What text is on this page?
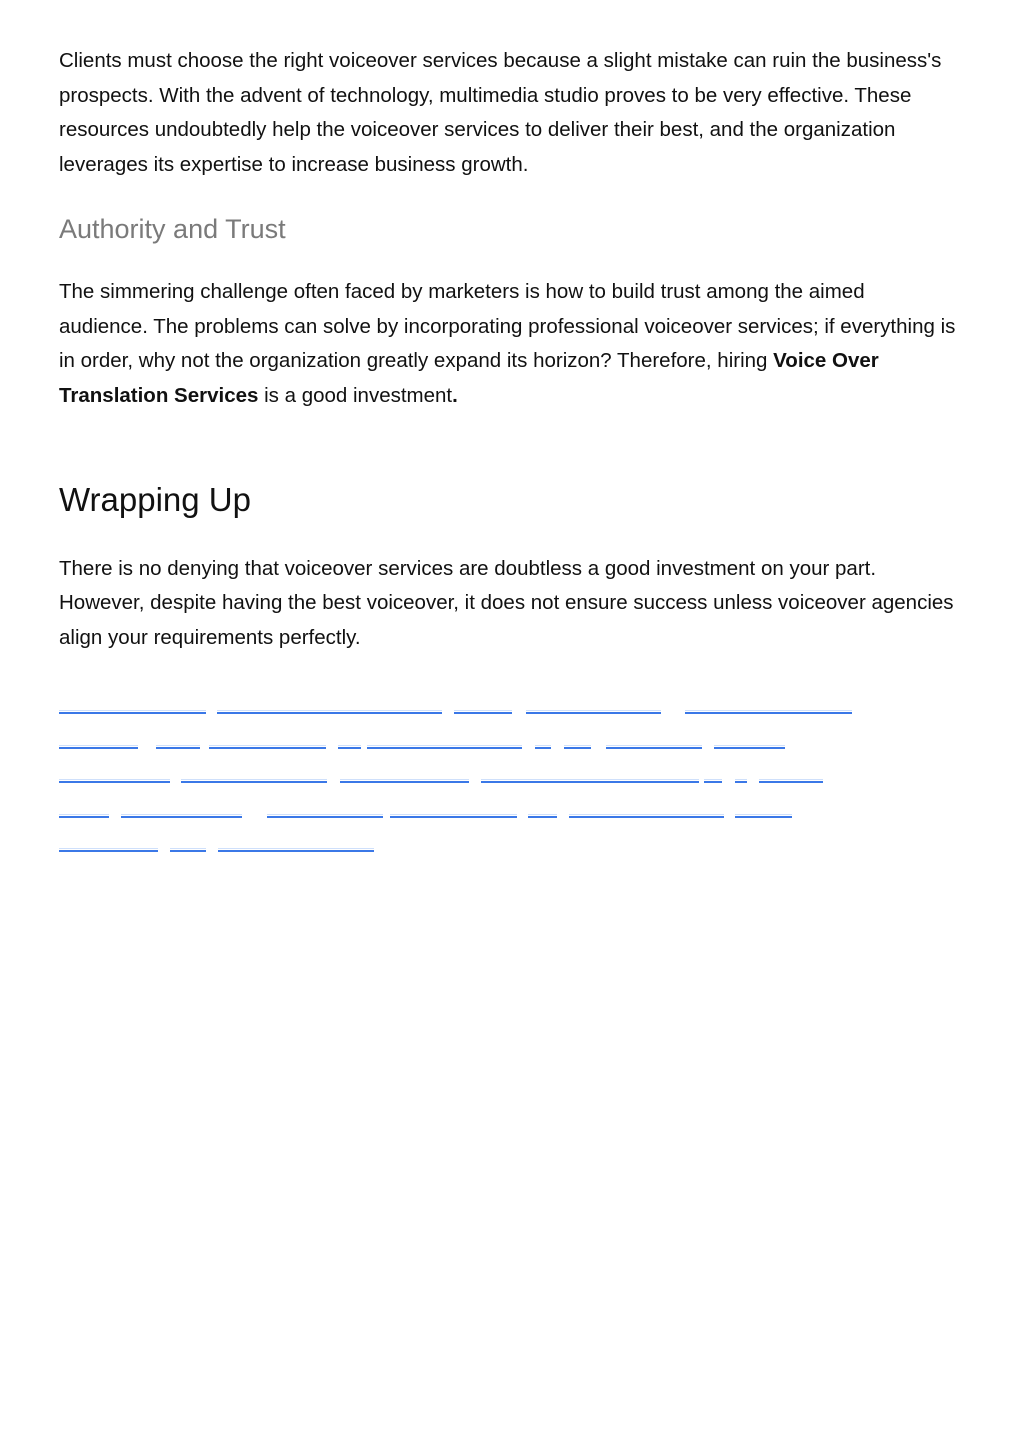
Clients must choose the right voiceover services because a slight mistake can ruin the business's prospects. With the advent of technology, multimedia studio proves to be very effective. These resources undoubtedly help the voiceover services to deliver their best, and the organization leverages its expertise to increase business growth.

Authority and Trust

The simmering challenge often faced by marketers is how to build trust among the aimed audience. The problems can solve by incorporating professional voiceover services; if everything is in order, why not the organization greatly expand its horizon? Therefore, hiring Voice Over Translation Services is a good investment.

Wrapping Up

There is no denying that voiceover services are doubtless a good investment on your part. However, despite having the best voiceover, it does not ensure success unless voiceover agencies align your requirements perfectly.
